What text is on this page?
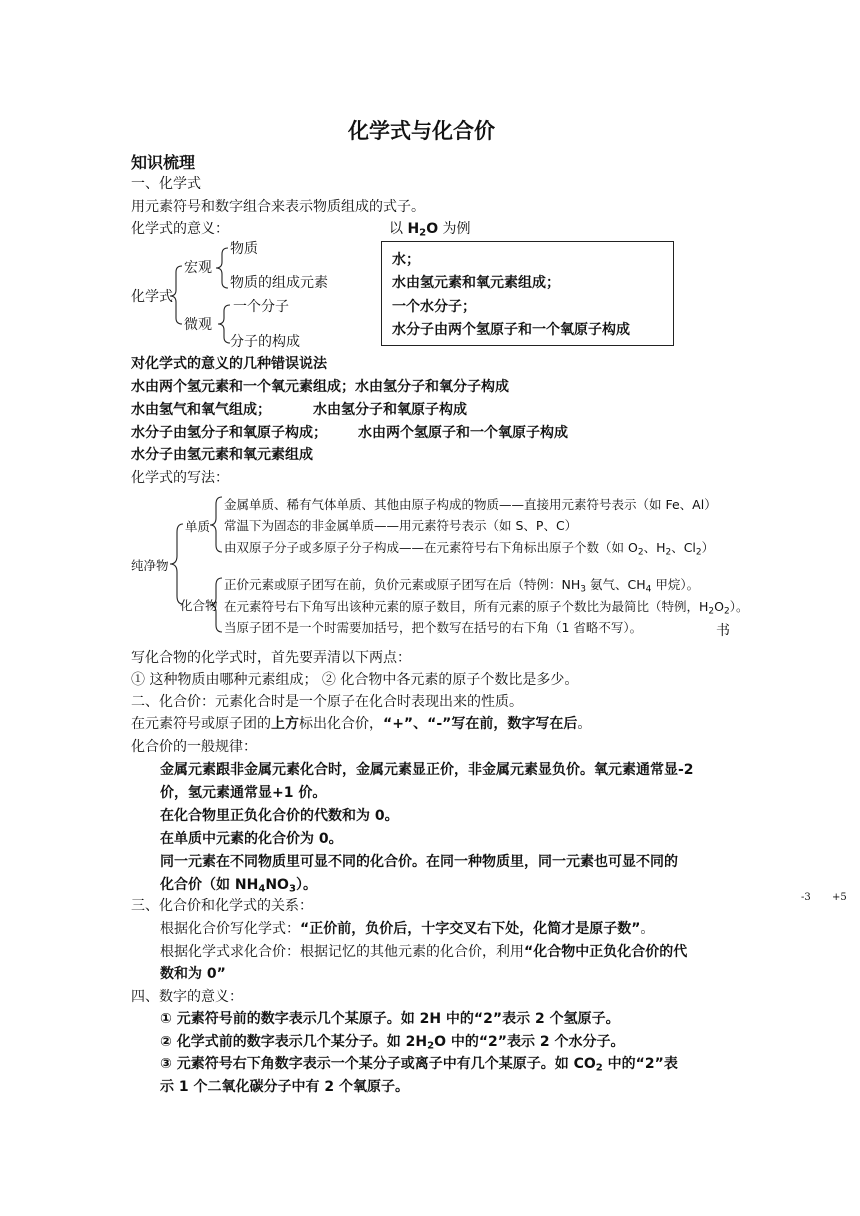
化学式与化合价
知识梳理
一、化学式
用元素符号和数字组合来表示物质组成的式子。
化学式的意义：	以 $H_2O$ 为例
化学式
宏观
物质
物质的组成元素
微观
一个分子
分子的构成
水；
水由氢元素和氧元素组成；
一个水分子；
水分子由两个氢原子和一个氧原子构成
对化学式的意义的几种错误说法
水由两个氢元素和一个氧元素组成；水由氢分子和氧分子构成
水由氢气和氧气组成；	水由氢分子和氧原子构成
水分子由氢分子和氧原子构成； 水由两个氢原子和一个氧原子构成
水分子由氢元素和氧元素组成
化学式的写法：
纯净物
单质
金属单质、稀有气体单质、其他由原子构成的物质——直接用元素符号表示（如 Fe、Al）
常温下为固态的非金属单质——用元素符号表示（如 S、P、C）
由双原子分子或多原子分子构成——在元素符号右下角标出原子个数（如 $O_2$、$H_2$、$Cl_2$）
化合物
正价元素或原子团写在前，负价元素或原子团写在后（特例：$NH_3$ 氨气、$CH_4$ 甲烷）。
在元素符号右下角写出该种元素的原子数目，所有元素的原子个数比为最简比（特例，$H_2O_2$）。
当原子团不是一个时需要加括号，把个数写在括号的右下角（1 省略不写）。	书
写化合物的化学式时，首先要弄清以下两点：
① 这种物质由哪种元素组成； ② 化合物中各元素的原子个数比是多少。
二、化合价：元素化合时是一个原子在化合时表现出来的性质。
在元素符号或原子团的上方标出化合价，“+”、“-”写在前，数字写在后。
化合价的一般规律：
金属元素跟非金属元素化合时，金属元素显正价，非金属元素显负价。氧元素通常显-2
价，氢元素通常显+1 价。
在化合物里正负化合价的代数和为 0。
在单质中元素的化合价为 0。
同一元素在不同物质里可显不同的化合价。在同一种物质里，同一元素也可显不同的
化合价（如 $NH_4NO_3$）。
三、化合价和化学式的关系：
-3 +5
根据化合价写化学式：“正价前，负价后，十字交叉右下处，化简才是原子数”。
根据化学式求化合价：根据记忆的其他元素的化合价，利用“化合物中正负化合价的代
数和为 0”
四、数字的意义：
① 元素符号前的数字表示几个某原子。如 2H 中的“2”表示 2 个氢原子。
② 化学式前的数字表示几个某分子。如 $2H_2O$ 中的“2”表示 2 个水分子。
③ 元素符号右下角数字表示一个某分子或离子中有几个某原子。如 $CO_2$ 中的“2”表
示 1 个二氧化碳分子中有 2 个氧原子。
